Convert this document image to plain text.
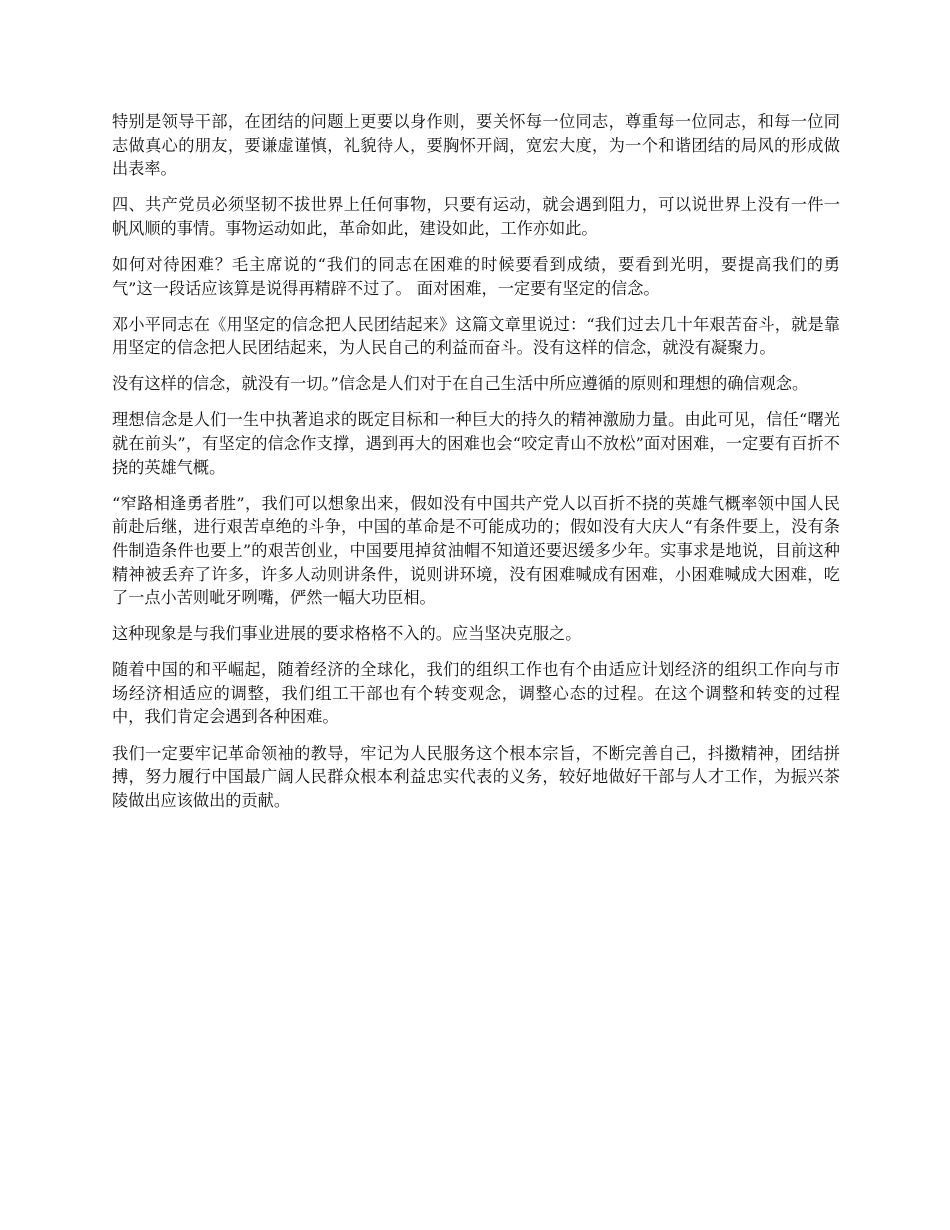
特别是领导干部，在团结的问题上更要以身作则，要关怀每一位同志，尊重每一位同志，和每一位同志做真心的朋友，要谦虚谨慎，礼貌待人，要胸怀开阔，宽宏大度，为一个和谐团结的局风的形成做出表率。

四、共产党员必须坚韧不拔世界上任何事物，只要有运动，就会遇到阻力，可以说世界上没有一件一帆风顺的事情。事物运动如此，革命如此，建设如此，工作亦如此。

如何对待困难？毛主席说的“我们的同志在困难的时候要看到成绩，要看到光明，要提高我们的勇气”这一段话应该算是说得再精辟不过了。 面对困难，一定要有坚定的信念。

邓小平同志在《用坚定的信念把人民团结起来》这篇文章里说过：“我们过去几十年艰苦奋斗，就是靠用坚定的信念把人民团结起来，为人民自己的利益而奋斗。没有这样的信念，就没有凝聚力。

没有这样的信念，就没有一切。”信念是人们对于在自己生活中所应遵循的原则和理想的确信观念。

理想信念是人们一生中执著追求的既定目标和一种巨大的持久的精神激励力量。由此可见，信任“曙光就在前头”，有坚定的信念作支撑，遇到再大的困难也会“咬定青山不放松”面对困难，一定要有百折不挠的英雄气概。

“窄路相逢勇者胜”，我们可以想象出来，假如没有中国共产党人以百折不挠的英雄气概率领中国人民前赴后继，进行艰苦卓绝的斗争，中国的革命是不可能成功的；假如没有大庆人“有条件要上，没有条件制造条件也要上”的艰苦创业，中国要甩掉贫油帽不知道还要迟缓多少年。实事求是地说，目前这种精神被丢弃了许多，许多人动则讲条件，说则讲环境，没有困难喊成有困难，小困难喊成大困难，吃了一点小苦则呲牙咧嘴，俨然一幅大功臣相。

这种现象是与我们事业进展的要求格格不入的。应当坚决克服之。

随着中国的和平崛起，随着经济的全球化，我们的组织工作也有个由适应计划经济的组织工作向与市场经济相适应的调整，我们组工干部也有个转变观念，调整心态的过程。在这个调整和转变的过程中，我们肯定会遇到各种困难。

我们一定要牢记革命领袖的教导，牢记为人民服务这个根本宗旨，不断完善自己，抖擞精神，团结拼搏，努力履行中国最广阔人民群众根本利益忠实代表的义务，较好地做好干部与人才工作，为振兴茶陵做出应该做出的贡献。
